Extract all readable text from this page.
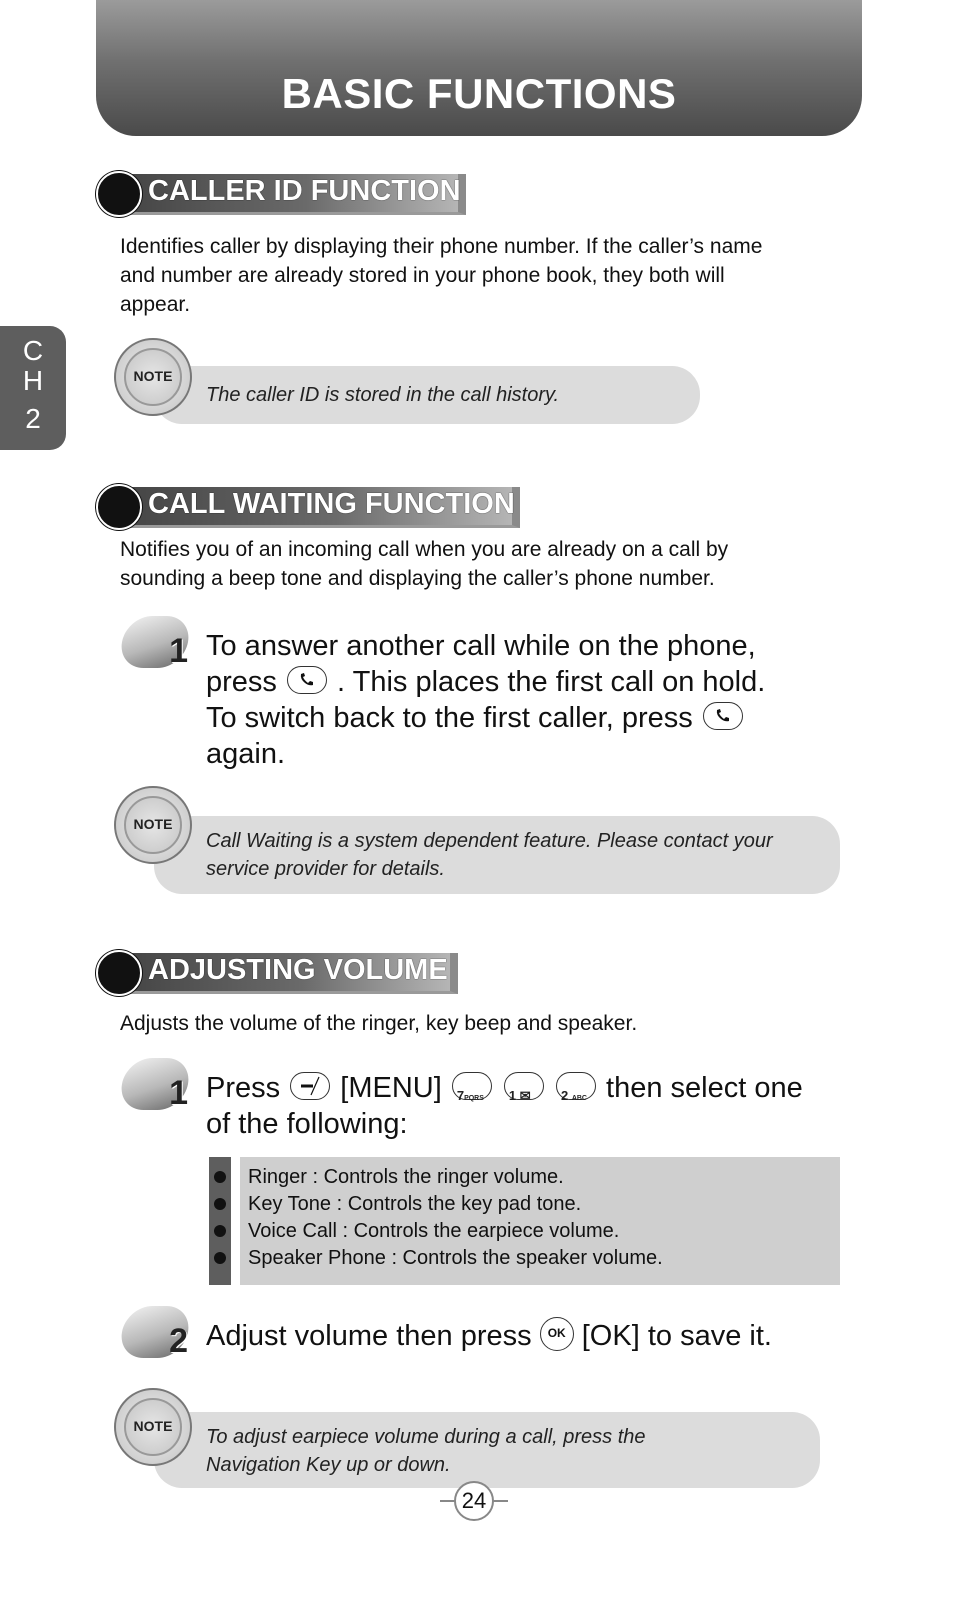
BASIC FUNCTIONS
C
H
2
CALLER ID FUNCTION
Identifies caller by displaying their phone number. If the caller’s name
and number are already stored in your phone book, they both will
appear.
The caller ID is stored in the call history.
NOTE
CALL WAITING FUNCTION
Notifies you of an incoming call when you are already on a call by
sounding a beep tone and displaying the caller’s phone number.
1 To answer another call while on the phone,
press . This places the first call on hold.
To switch back to the first caller, press
again.
Call Waiting is a system dependent feature. Please contact your
service provider for details.
NOTE
ADJUSTING VOLUME
Adjusts the volume of the ringer, key beep and speaker.
1 Press [MENU] 7PQRS
1 ✉
2 ABC then select one
of the following:
Ringer : Controls the ringer volume.
Key Tone : Controls the key pad tone.
Voice Call : Controls the earpiece volume.
Speaker Phone : Controls the speaker volume.
2 Adjust volume then press OK [OK] to save it.
To adjust earpiece volume during a call, press the
Navigation Key up or down.
NOTE
24
